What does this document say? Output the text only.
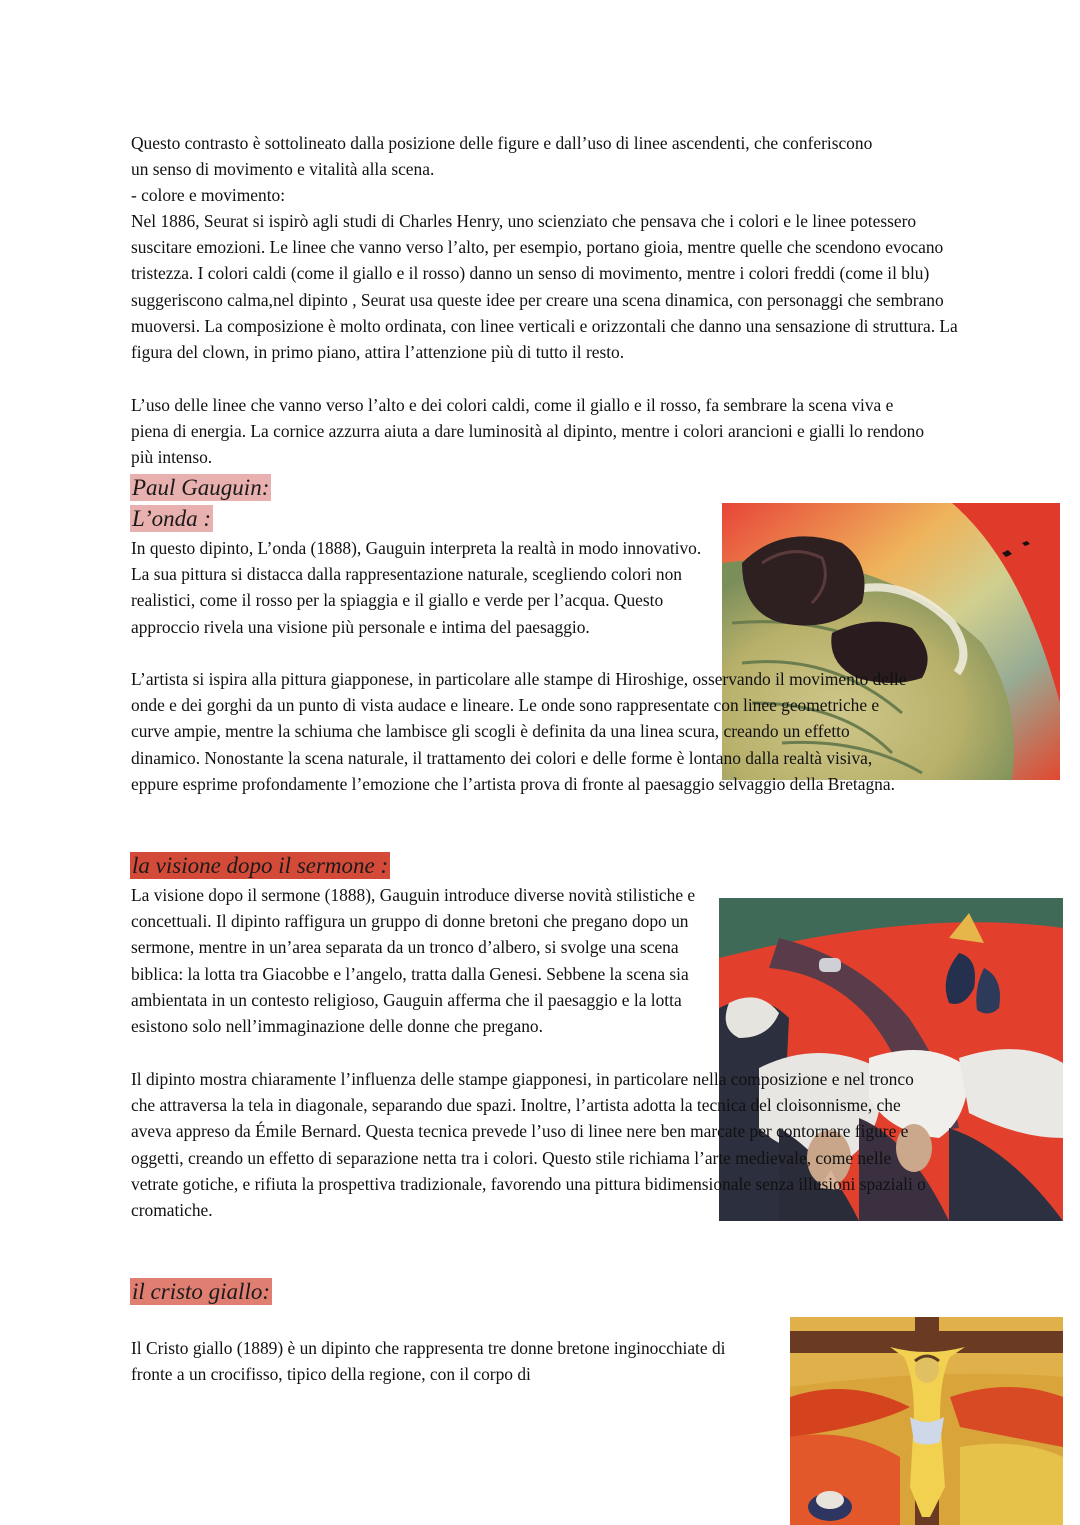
Questo contrasto è sottolineato dalla posizione delle figure e dall’uso di linee ascendenti, che conferiscono un senso di movimento e vitalità alla scena.

- colore e movimento:

Nel 1886, Seurat si ispirò agli studi di Charles Henry, uno scienziato che pensava che i colori e le linee potessero suscitare emozioni. Le linee che vanno verso l’alto, per esempio, portano gioia, mentre quelle che scendono evocano tristezza. I colori caldi (come il giallo e il rosso) danno un senso di movimento, mentre i colori freddi (come il blu) suggeriscono calma,nel dipinto , Seurat usa queste idee per creare una scena dinamica, con personaggi che sembrano muoversi. La composizione è molto ordinata, con linee verticali e orizzontali che danno una sensazione di struttura. La figura del clown, in primo piano, attira l’attenzione più di tutto il resto.

L’uso delle linee che vanno verso l’alto e dei colori caldi, come il giallo e il rosso, fa sembrare la scena viva e piena di energia. La cornice azzurra aiuta a dare luminosità al dipinto, mentre i colori arancioni e gialli lo rendono più intenso.

Paul Gauguin:
L’onda :

In questo dipinto, L’onda (1888), Gauguin interpreta la realtà in modo innovativo. La sua pittura si distacca dalla rappresentazione naturale, scegliendo colori non realistici, come il rosso per la spiaggia e il giallo e verde per l’acqua. Questo approccio rivela una visione più personale e intima del paesaggio.

L’artista si ispira alla pittura giapponese, in particolare alle stampe di Hiroshige, osservando il movimento delle onde e dei gorghi da un punto di vista audace e lineare. Le onde sono rappresentate con linee geometriche e curve ampie, mentre la schiuma che lambisce gli scogli è definita da una linea scura, creando un effetto dinamico. Nonostante la scena naturale, il trattamento dei colori e delle forme è lontano dalla realtà visiva, eppure esprime profondamente l’emozione che l’artista prova di fronte al paesaggio selvaggio della Bretagna.

la visione dopo il sermone :

La visione dopo il sermone (1888), Gauguin introduce diverse novità stilistiche e concettuali. Il dipinto raffigura un gruppo di donne bretoni che pregano dopo un sermone, mentre in un’area separata da un tronco d’albero, si svolge una scena biblica: la lotta tra Giacobbe e l’angelo, tratta dalla Genesi. Sebbene la scena sia ambientata in un contesto religioso, Gauguin afferma che il paesaggio e la lotta esistono solo nell’immaginazione delle donne che pregano.

Il dipinto mostra chiaramente l’influenza delle stampe giapponesi, in particolare nella composizione e nel tronco che attraversa la tela in diagonale, separando due spazi. Inoltre, l’artista adotta la tecnica del cloisonnisme, che aveva appreso da Émile Bernard. Questa tecnica prevede l’uso di linee nere ben marcate per contornare figure e oggetti, creando un effetto di separazione netta tra i colori. Questo stile richiama l’arte medievale, come nelle vetrate gotiche, e rifiuta la prospettiva tradizionale, favorendo una pittura bidimensionale senza illusioni spaziali o cromatiche.

il cristo giallo:

Il Cristo giallo (1889) è un dipinto che rappresenta tre donne bretone inginocchiate di fronte a un crocifisso, tipico della regione, con il corpo di
